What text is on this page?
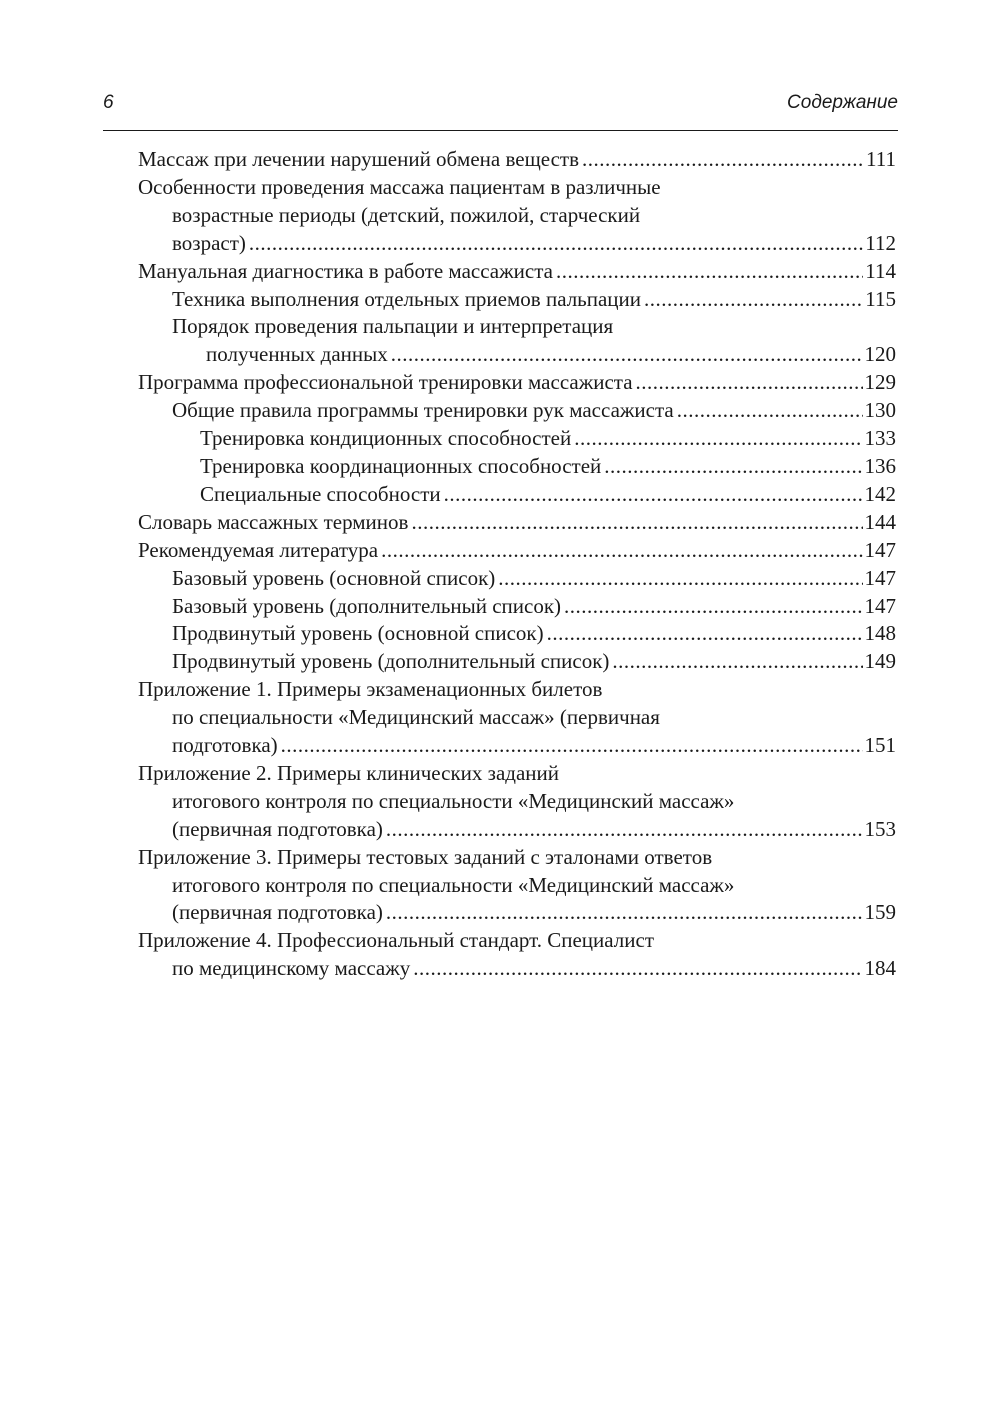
6	Содержание
Массаж при лечении нарушений обмена веществ .....	111
Особенности проведения массажа пациентам в различные
возрастные периоды (детский, пожилой, старческий
возраст) .....	112
Мануальная диагностика в работе массажиста .....	114
Техника выполнения отдельных приемов пальпации .....	115
Порядок проведения пальпации и интерпретация
полученных данных .....	120
Программа профессиональной тренировки массажиста .....	129
Общие правила программы тренировки рук массажиста .....	130
Тренировка кондиционных способностей .....	133
Тренировка координационных способностей .....	136
Специальные способности .....	142
Словарь массажных терминов .....	144
Рекомендуемая литература .....	147
Базовый уровень (основной список) .....	147
Базовый уровень (дополнительный список) .....	147
Продвинутый уровень (основной список) .....	148
Продвинутый уровень (дополнительный список) .....	149
Приложение 1. Примеры экзаменационных билетов
по специальности «Медицинский массаж» (первичная
подготовка) .....	151
Приложение 2. Примеры клинических заданий
итогового контроля по специальности «Медицинский массаж»
(первичная подготовка) .....	153
Приложение 3. Примеры тестовых заданий с эталонами ответов
итогового контроля по специальности «Медицинский массаж»
(первичная подготовка) .....	159
Приложение 4. Профессиональный стандарт. Специалист
по медицинскому массажу .....	184
